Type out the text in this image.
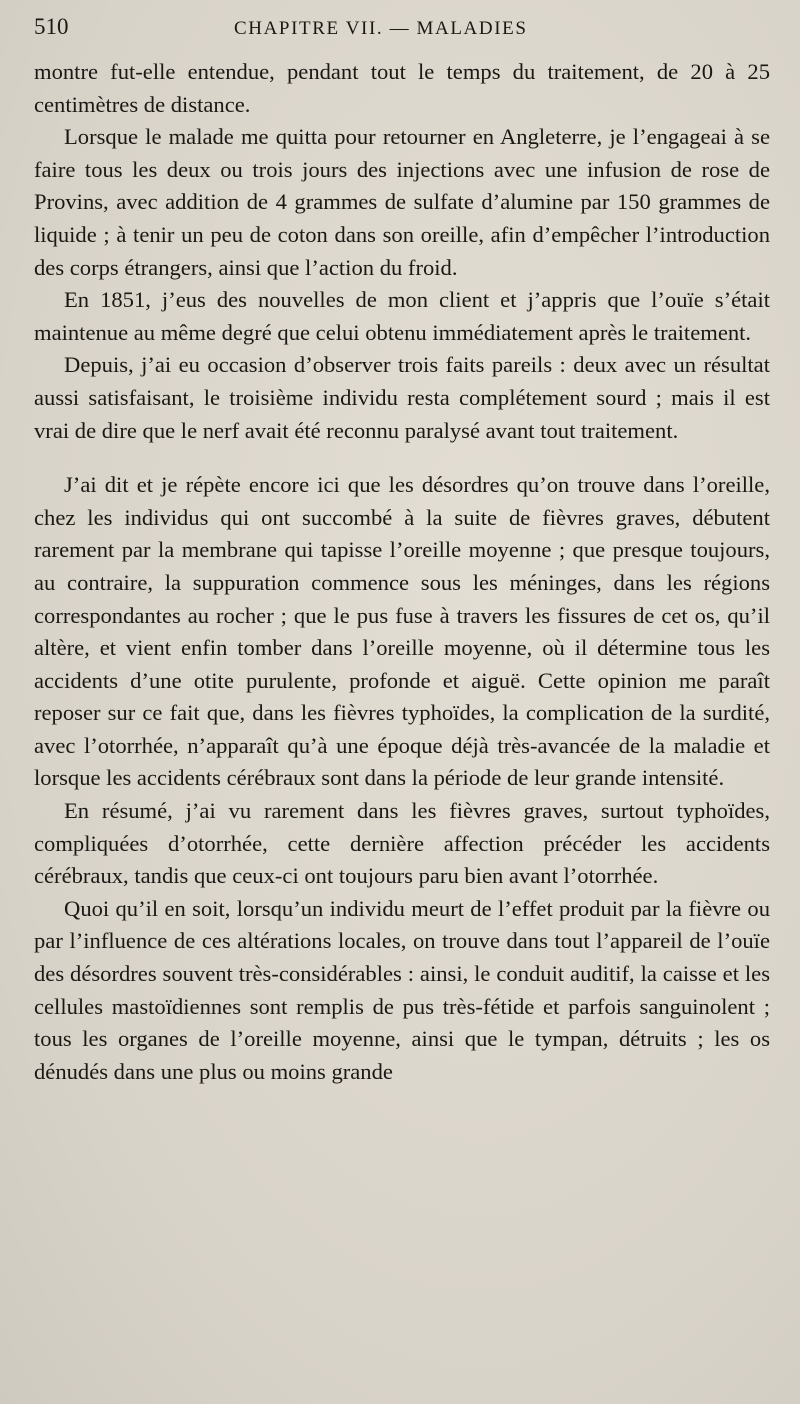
510	CHAPITRE VII. — MALADIES

montre fut-elle entendue, pendant tout le temps du traitement, de 20 à 25 centimètres de distance.

Lorsque le malade me quitta pour retourner en Angleterre, je l’engageai à se faire tous les deux ou trois jours des injections avec une infusion de rose de Provins, avec addition de 4 grammes de sulfate d’alumine par 150 grammes de liquide ; à tenir un peu de coton dans son oreille, afin d’empêcher l’introduction des corps étrangers, ainsi que l’action du froid.

En 1851, j’eus des nouvelles de mon client et j’appris que l’ouïe s’était maintenue au même degré que celui obtenu immédiatement après le traitement.

Depuis, j’ai eu occasion d’observer trois faits pareils : deux avec un résultat aussi satisfaisant, le troisième individu resta complétement sourd ; mais il est vrai de dire que le nerf avait été reconnu paralysé avant tout traitement.

J’ai dit et je répète encore ici que les désordres qu’on trouve dans l’oreille, chez les individus qui ont succombé à la suite de fièvres graves, débutent rarement par la membrane qui tapisse l’oreille moyenne ; que presque toujours, au contraire, la suppuration commence sous les méninges, dans les régions correspondantes au rocher ; que le pus fuse à travers les fissures de cet os, qu’il altère, et vient enfin tomber dans l’oreille moyenne, où il détermine tous les accidents d’une otite purulente, profonde et aiguë. Cette opinion me paraît reposer sur ce fait que, dans les fièvres typhoïdes, la complication de la surdité, avec l’otorrhée, n’apparaît qu’à une époque déjà très-avancée de la maladie et lorsque les accidents cérébraux sont dans la période de leur grande intensité.

En résumé, j’ai vu rarement dans les fièvres graves, surtout typhoïdes, compliquées d’otorrhée, cette dernière affection précéder les accidents cérébraux, tandis que ceux-ci ont toujours paru bien avant l’otorrhée.

Quoi qu’il en soit, lorsqu’un individu meurt de l’effet produit par la fièvre ou par l’influence de ces altérations locales, on trouve dans tout l’appareil de l’ouïe des désordres souvent très-considérables : ainsi, le conduit auditif, la caisse et les cellules mastoïdiennes sont remplis de pus très-fétide et parfois sanguinolent ; tous les organes de l’oreille moyenne, ainsi que le tympan, détruits ; les os dénudés dans une plus ou moins grande
